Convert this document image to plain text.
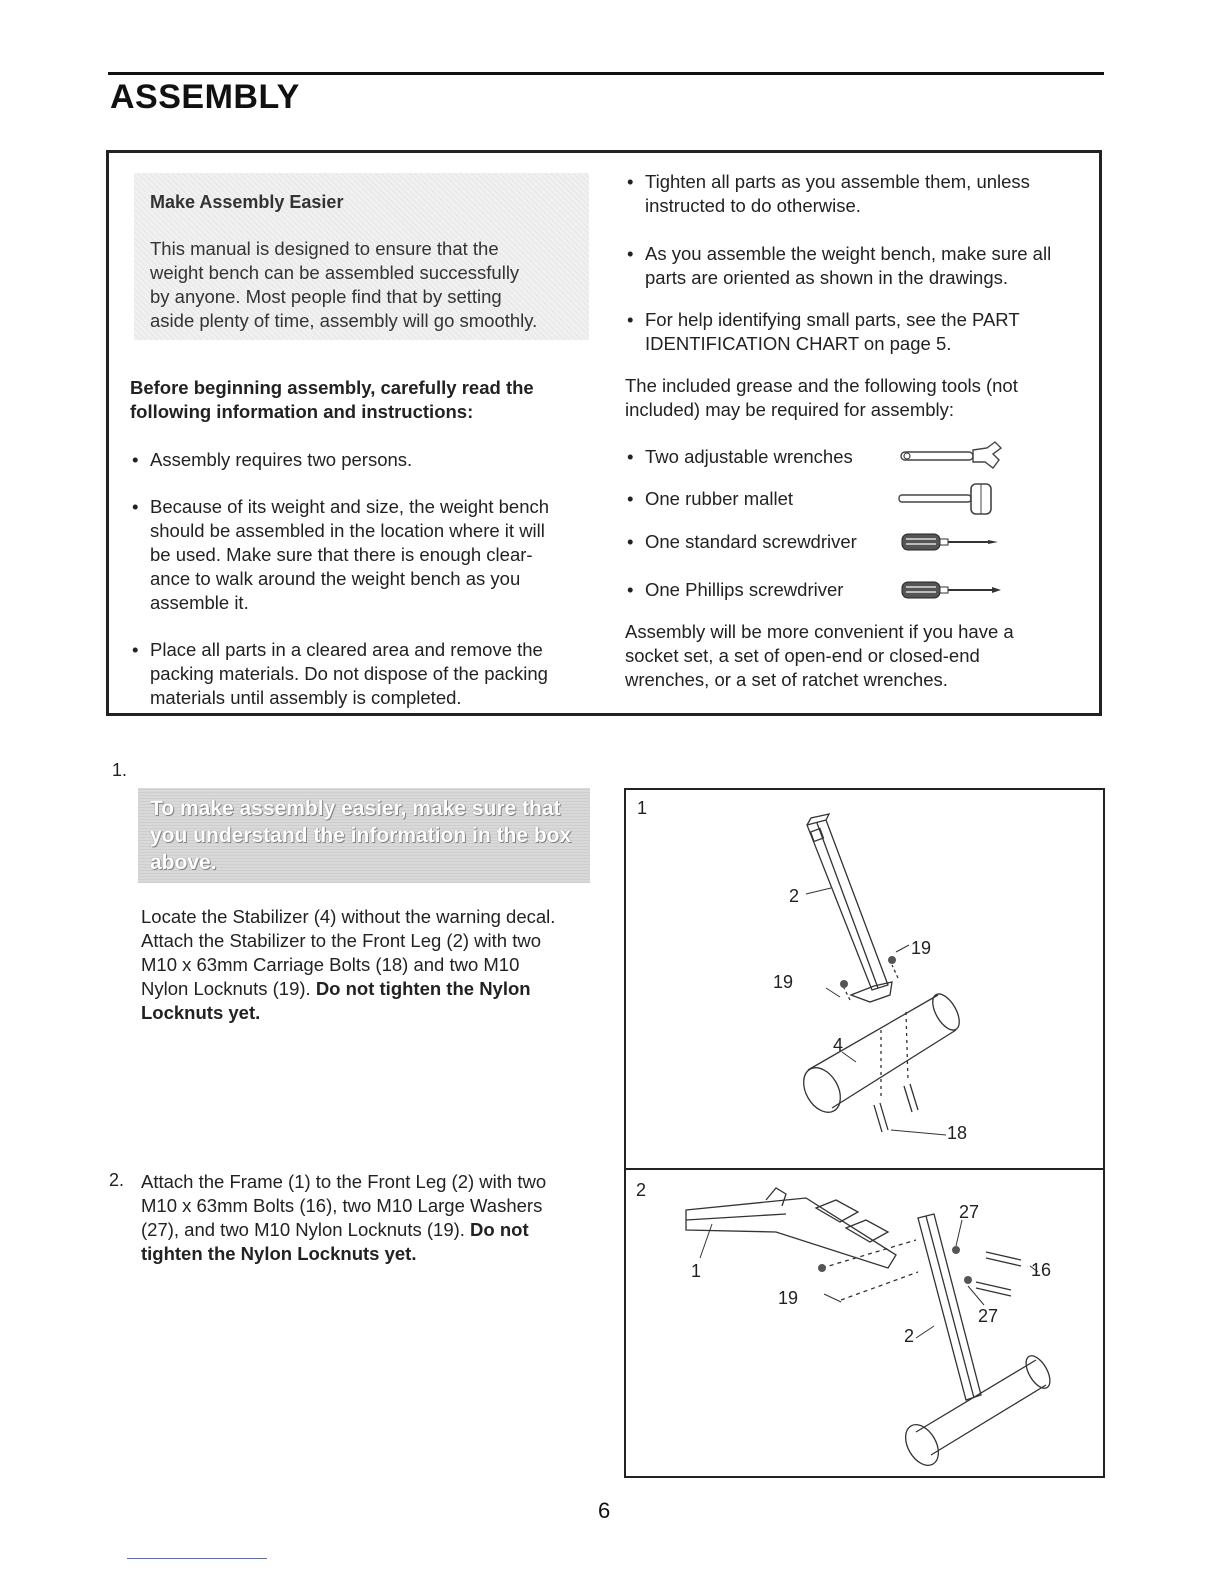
ASSEMBLY
Make Assembly Easier
This manual is designed to ensure that the
weight bench can be assembled successfully
by anyone. Most people find that by setting
aside plenty of time, assembly will go smoothly.
Before beginning assembly, carefully read the
following information and instructions:
• Assembly requires two persons.
• Because of its weight and size, the weight bench
should be assembled in the location where it will
be used. Make sure that there is enough clear-
ance to walk around the weight bench as you
assemble it.
• Place all parts in a cleared area and remove the
packing materials. Do not dispose of the packing
materials until assembly is completed.
• Tighten all parts as you assemble them, unless
instructed to do otherwise.
• As you assemble the weight bench, make sure all
parts are oriented as shown in the drawings.
• For help identifying small parts, see the PART
IDENTIFICATION CHART on page 5.
The included grease and the following tools (not
included) may be required for assembly:
• Two adjustable wrenches
• One rubber mallet
• One standard screwdriver
• One Phillips screwdriver
Assembly will be more convenient if you have a
socket set, a set of open-end or closed-end
wrenches, or a set of ratchet wrenches.
1.
To make assembly easier, make sure that
you understand the information in the box
above.
Locate the Stabilizer (4) without the warning decal.
Attach the Stabilizer to the Front Leg (2) with two
M10 x 63mm Carriage Bolts (18) and two M10
Nylon Locknuts (19). Do not tighten the Nylon
Locknuts yet.
2. Attach the Frame (1) to the Front Leg (2) with two
M10 x 63mm Bolts (16), two M10 Large Washers
(27), and two M10 Nylon Locknuts (19). Do not
tighten the Nylon Locknuts yet.
1
2
19
19
4
18
2
1
27
16
19
27
2
6
